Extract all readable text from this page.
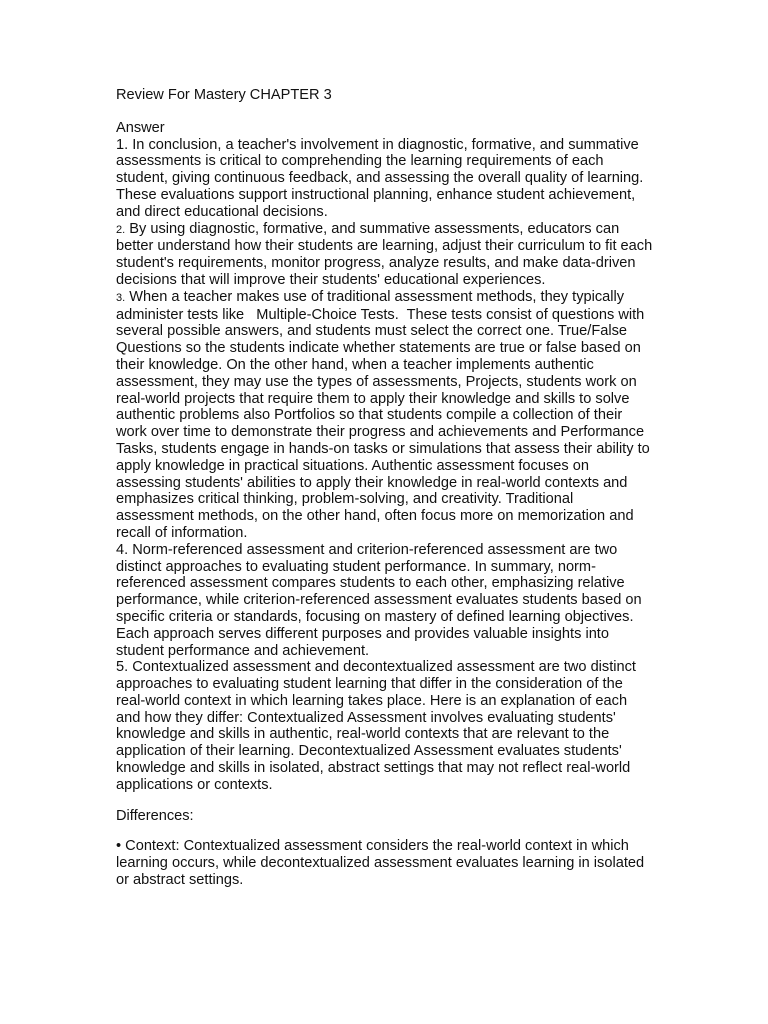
Review For Mastery CHAPTER 3

Answer

1. In conclusion, a teacher's involvement in diagnostic, formative, and summative assessments is critical to comprehending the learning requirements of each student, giving continuous feedback, and assessing the overall quality of learning. These evaluations support instructional planning, enhance student achievement, and direct educational decisions.

2. By using diagnostic, formative, and summative assessments, educators can better understand how their students are learning, adjust their curriculum to fit each student's requirements, monitor progress, analyze results, and make data-driven decisions that will improve their students' educational experiences.

3. When a teacher makes use of traditional assessment methods, they typically administer tests like   Multiple-Choice Tests.  These tests consist of questions with several possible answers, and students must select the correct one. True/False Questions so the students indicate whether statements are true or false based on their knowledge. On the other hand, when a teacher implements authentic assessment, they may use the types of assessments, Projects, students work on real-world projects that require them to apply their knowledge and skills to solve authentic problems also Portfolios so that students compile a collection of their work over time to demonstrate their progress and achievements and Performance Tasks, students engage in hands-on tasks or simulations that assess their ability to apply knowledge in practical situations. Authentic assessment focuses on assessing students' abilities to apply their knowledge in real-world contexts and emphasizes critical thinking, problem-solving, and creativity. Traditional assessment methods, on the other hand, often focus more on memorization and recall of information.

4. Norm-referenced assessment and criterion-referenced assessment are two distinct approaches to evaluating student performance. In summary, norm-referenced assessment compares students to each other, emphasizing relative performance, while criterion-referenced assessment evaluates students based on specific criteria or standards, focusing on mastery of defined learning objectives. Each approach serves different purposes and provides valuable insights into student performance and achievement.

5. Contextualized assessment and decontextualized assessment are two distinct approaches to evaluating student learning that differ in the consideration of the real-world context in which learning takes place. Here is an explanation of each and how they differ: Contextualized Assessment involves evaluating students' knowledge and skills in authentic, real-world contexts that are relevant to the application of their learning. Decontextualized Assessment evaluates students' knowledge and skills in isolated, abstract settings that may not reflect real-world applications or contexts.

Differences:

• Context: Contextualized assessment considers the real-world context in which learning occurs, while decontextualized assessment evaluates learning in isolated or abstract settings.
